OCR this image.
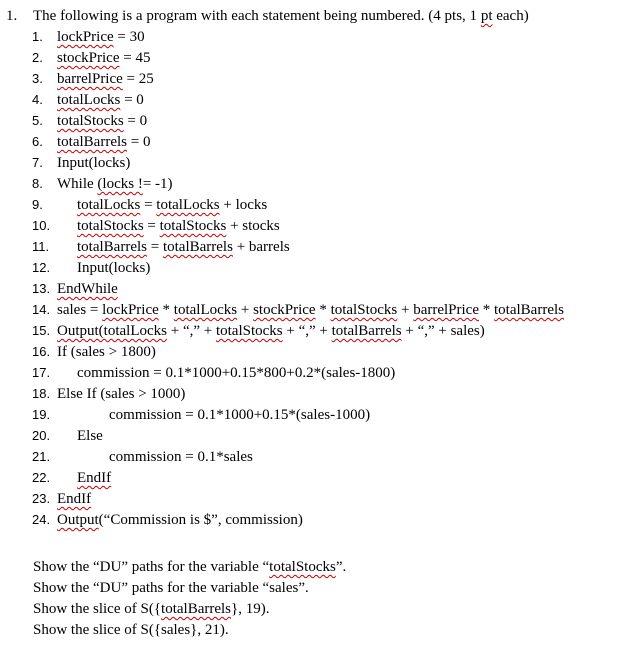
1. The following is a program with each statement being numbered. (4 pts, 1 pt each)
1. lockPrice = 30
2. stockPrice = 45
3. barrelPrice = 25
4. totalLocks = 0
5. totalStocks = 0
6. totalBarrels = 0
7. Input(locks)
8. While (locks != -1)
9. totalLocks = totalLocks + locks
10. totalStocks = totalStocks + stocks
11. totalBarrels = totalBarrels + barrels
12. Input(locks)
13. EndWhile
14. sales = lockPrice * totalLocks + stockPrice * totalStocks + barrelPrice * totalBarrels
15. Output(totalLocks + “,” + totalStocks + “,” + totalBarrels + “,” + sales)
16. If (sales > 1800)
17. commission = 0.1*1000+0.15*800+0.2*(sales-1800)
18. Else If (sales > 1000)
19.	commission = 0.1*1000+0.15*(sales-1000)
20. Else
21.	commission = 0.1*sales
22. EndIf
23. EndIf
24. Output(“Commission is $”, commission)
Show the “DU” paths for the variable “totalStocks”.
Show the “DU” paths for the variable “sales”.
Show the slice of S({totalBarrels}, 19).
Show the slice of S({sales}, 21).
